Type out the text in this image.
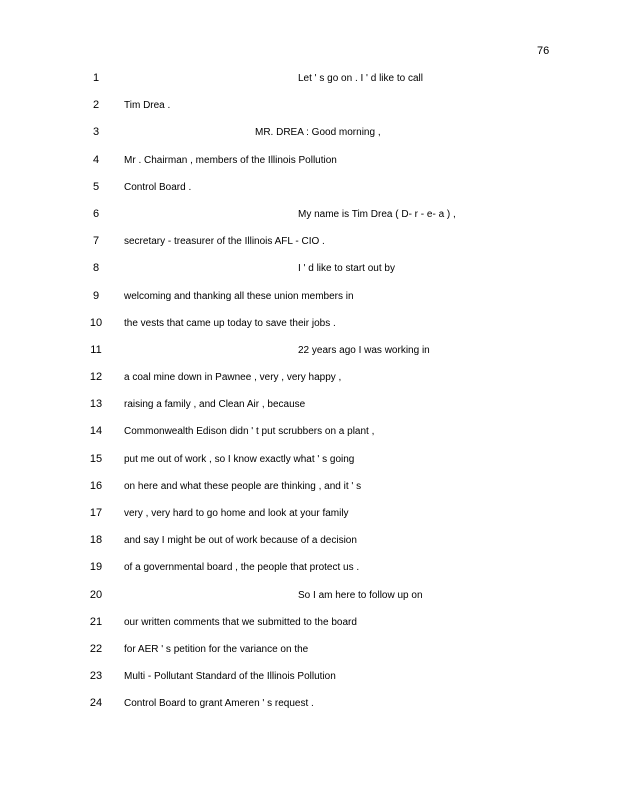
76
1	Let ' s go on . I ' d like to call
2	Tim Drea .
3	MR. DREA : Good morning ,
4	Mr . Chairman , members of the Illinois Pollution
5	Control Board .
6	My name is Tim Drea ( D- r - e- a ) ,
7	secretary - treasurer of the Illinois AFL - CIO .
8	I ' d like to start out by
9	welcoming and thanking all these union members in
10 the vests that came up today to save their jobs .
11	22 years ago I was working in
12 a coal mine down in Pawnee , very , very happy ,
13 raising a family , and Clean Air , because
14 Commonwealth Edison didn ' t put scrubbers on a plant ,
15 put me out of work , so I know exactly what ' s going
16 on here and what these people are thinking , and it ' s
17 very , very hard to go home and look at your family
18 and say I might be out of work because of a decision
19 of a governmental board , the people that protect us .
20	So I am here to follow up on
21 our written comments that we submitted to the board
22 for AER ' s petition for the variance on the
23 Multi - Pollutant Standard of the Illinois Pollution
24 Control Board to grant Ameren ' s request .
